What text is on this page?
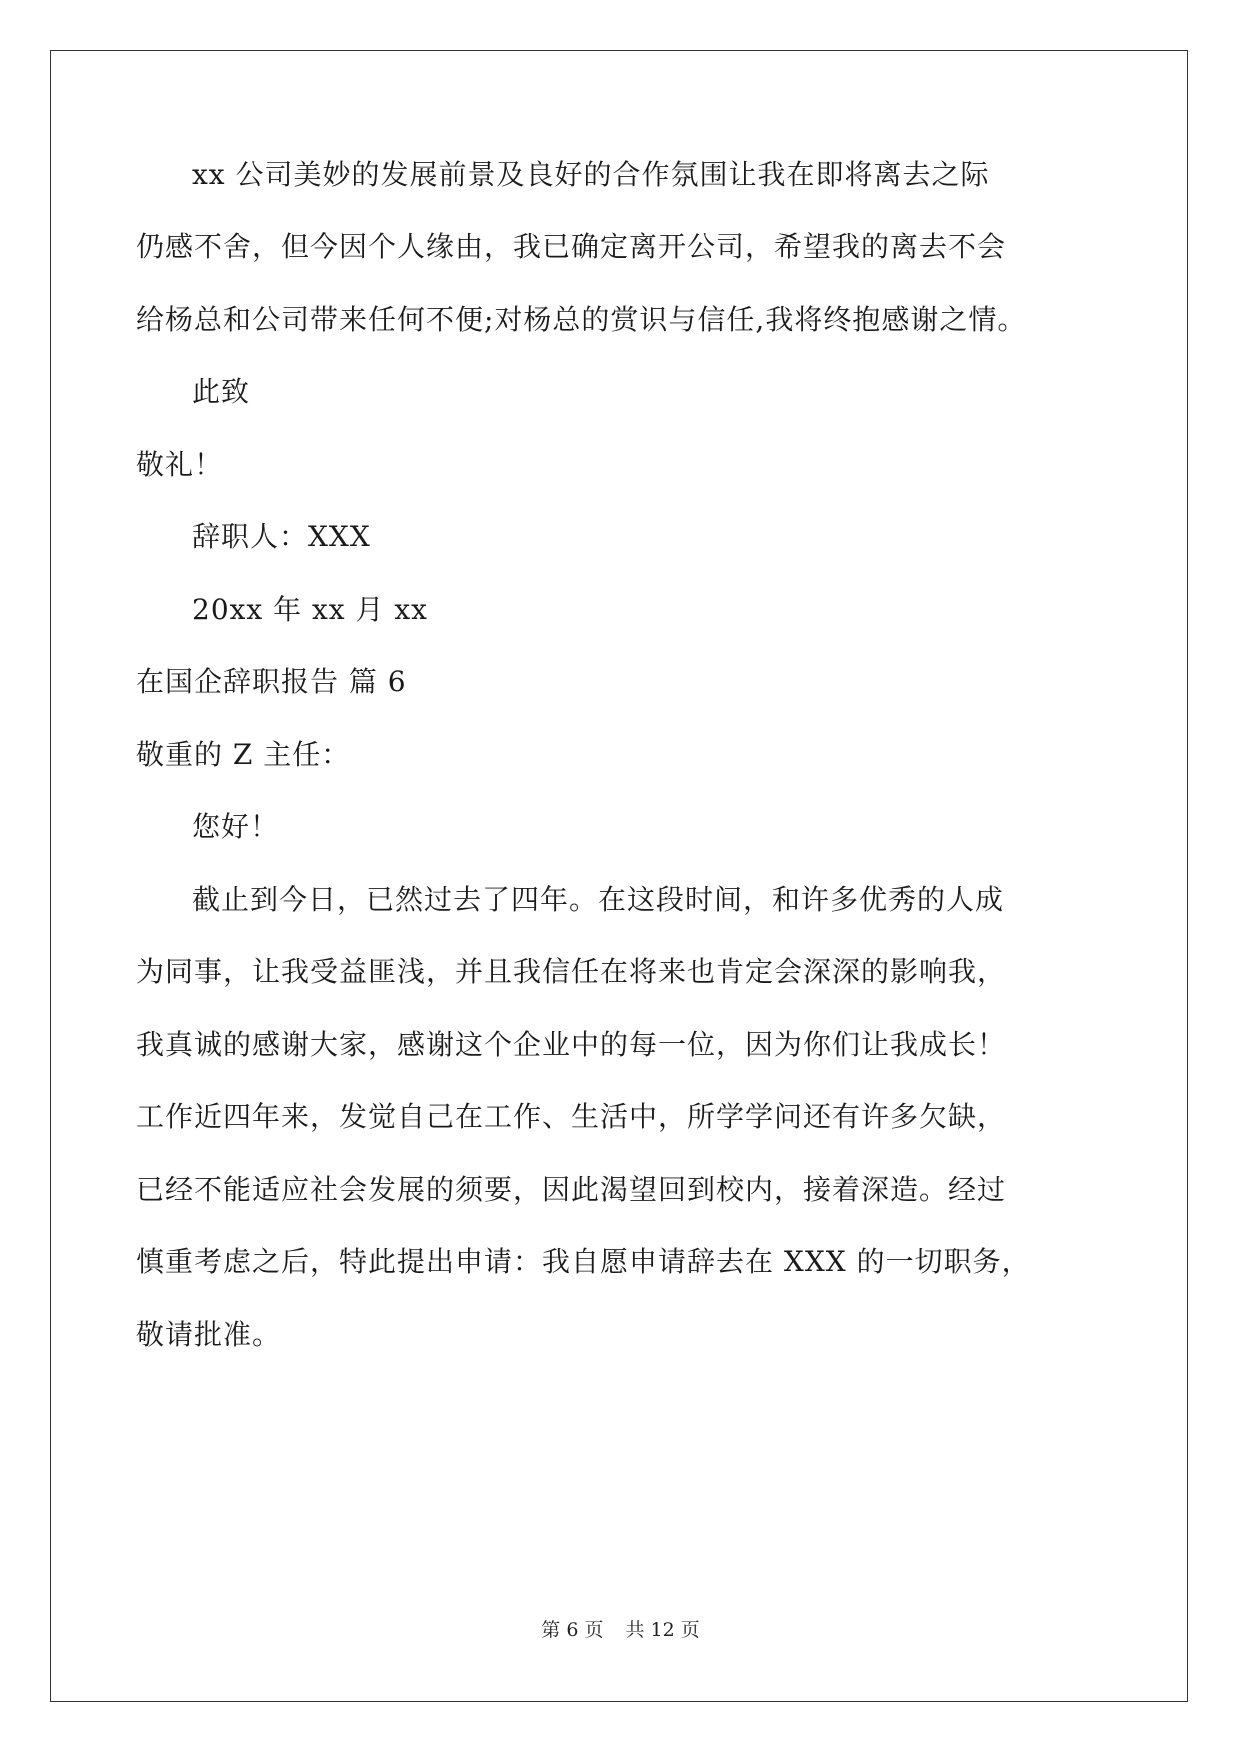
xx 公司美妙的发展前景及良好的合作氛围让我在即将离去之际
仍感不舍，但今因个人缘由，我已确定离开公司，希望我的离去不会
给杨总和公司带来任何不便;对杨总的赏识与信任,我将终抱感谢之情。
此致
敬礼！
辞职人：XXX
20xx 年 xx 月 xx
在国企辞职报告 篇 6
敬重的 Z 主任：
您好！
截止到今日，已然过去了四年。在这段时间，和许多优秀的人成
为同事，让我受益匪浅，并且我信任在将来也肯定会深深的影响我，
我真诚的感谢大家，感谢这个企业中的每一位，因为你们让我成长！
工作近四年来，发觉自己在工作、生活中，所学学问还有许多欠缺，
已经不能适应社会发展的须要，因此渴望回到校内，接着深造。经过
慎重考虑之后，特此提出申请：我自愿申请辞去在 XXX 的一切职务，
敬请批准。
第 6 页 共 12 页
